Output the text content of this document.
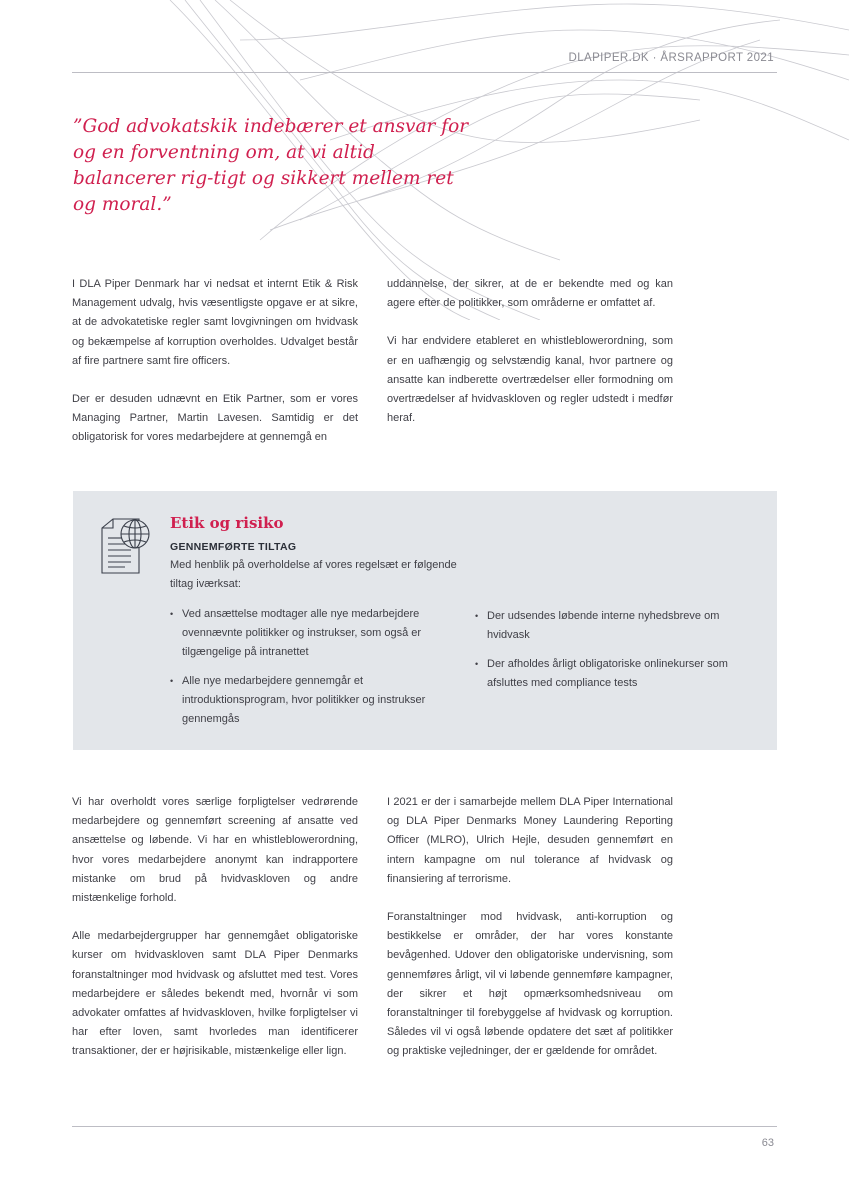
DLAPIPER.DK · ÅRSRAPPORT 2021
”God advokatskik indebærer et ansvar for og en forventning om, at vi altid balancerer rig-tigt og sikkert mellem ret og moral.”

I DLA Piper Denmark har vi nedsat et internt Etik & Risk Management udvalg, hvis væsentligste opgave er at sikre, at de advokatetiske regler samt lovgivningen om hvidvask og bekæmpelse af korruption overholdes. Udvalget består af fire partnere samt fire officers.

Der er desuden udnævnt en Etik Partner, som er vores Managing Partner, Martin Lavesen. Samtidig er det obligatorisk for vores medarbejdere at gennemgå en

uddannelse, der sikrer, at de er bekendte med og kan agere efter de politikker, som områderne er omfattet af.

Vi har endvidere etableret en whistleblowerordning, som er en uafhængig og selvstændig kanal, hvor partnere og ansatte kan indberette overtrædelser eller formodning om overtrædelser af hvidvaskloven og regler udstedt i medfør heraf.

Etik og risiko
GENNEMFØRTE TILTAG
Med henblik på overholdelse af vores regelsæt er følgende tiltag iværksat:
• Ved ansættelse modtager alle nye medarbejdere ovennævnte politikker og instrukser, som også er tilgængelige på intranettet
• Alle nye medarbejdere gennemgår et introduktionsprogram, hvor politikker og instrukser gennemgås
• Der udsendes løbende interne nyhedsbreve om hvidvask
• Der afholdes årligt obligatoriske onlinekurser som afsluttes med compliance tests

Vi har overholdt vores særlige forpligtelser vedrørende medarbejdere og gennemført screening af ansatte ved ansættelse og løbende. Vi har en whistleblowerordning, hvor vores medarbejdere anonymt kan indrapportere mistanke om brud på hvidvaskloven og andre mistænkelige forhold.

Alle medarbejdergrupper har gennemgået obligatoriske kurser om hvidvaskloven samt DLA Piper Denmarks foranstaltninger mod hvidvask og afsluttet med test. Vores medarbejdere er således bekendt med, hvornår vi som advokater omfattes af hvidvaskloven, hvilke forpligtelser vi har efter loven, samt hvorledes man identificerer transaktioner, der er højrisikable, mistænkelige eller lign.

I 2021 er der i samarbejde mellem DLA Piper International og DLA Piper Denmarks Money Laundering Reporting Officer (MLRO), Ulrich Hejle, desuden gennemført en intern kampagne om nul tolerance af hvidvask og finansiering af terrorisme.

Foranstaltninger mod hvidvask, anti-korruption og bestikkelse er områder, der har vores konstante bevågenhed. Udover den obligatoriske undervisning, som gennemføres årligt, vil vi løbende gennemføre kampagner, der sikrer et højt opmærksomhedsniveau om foranstaltninger til forebyggelse af hvidvask og korruption. Således vil vi også løbende opdatere det sæt af politikker og praktiske vejledninger, der er gældende for området.

63
